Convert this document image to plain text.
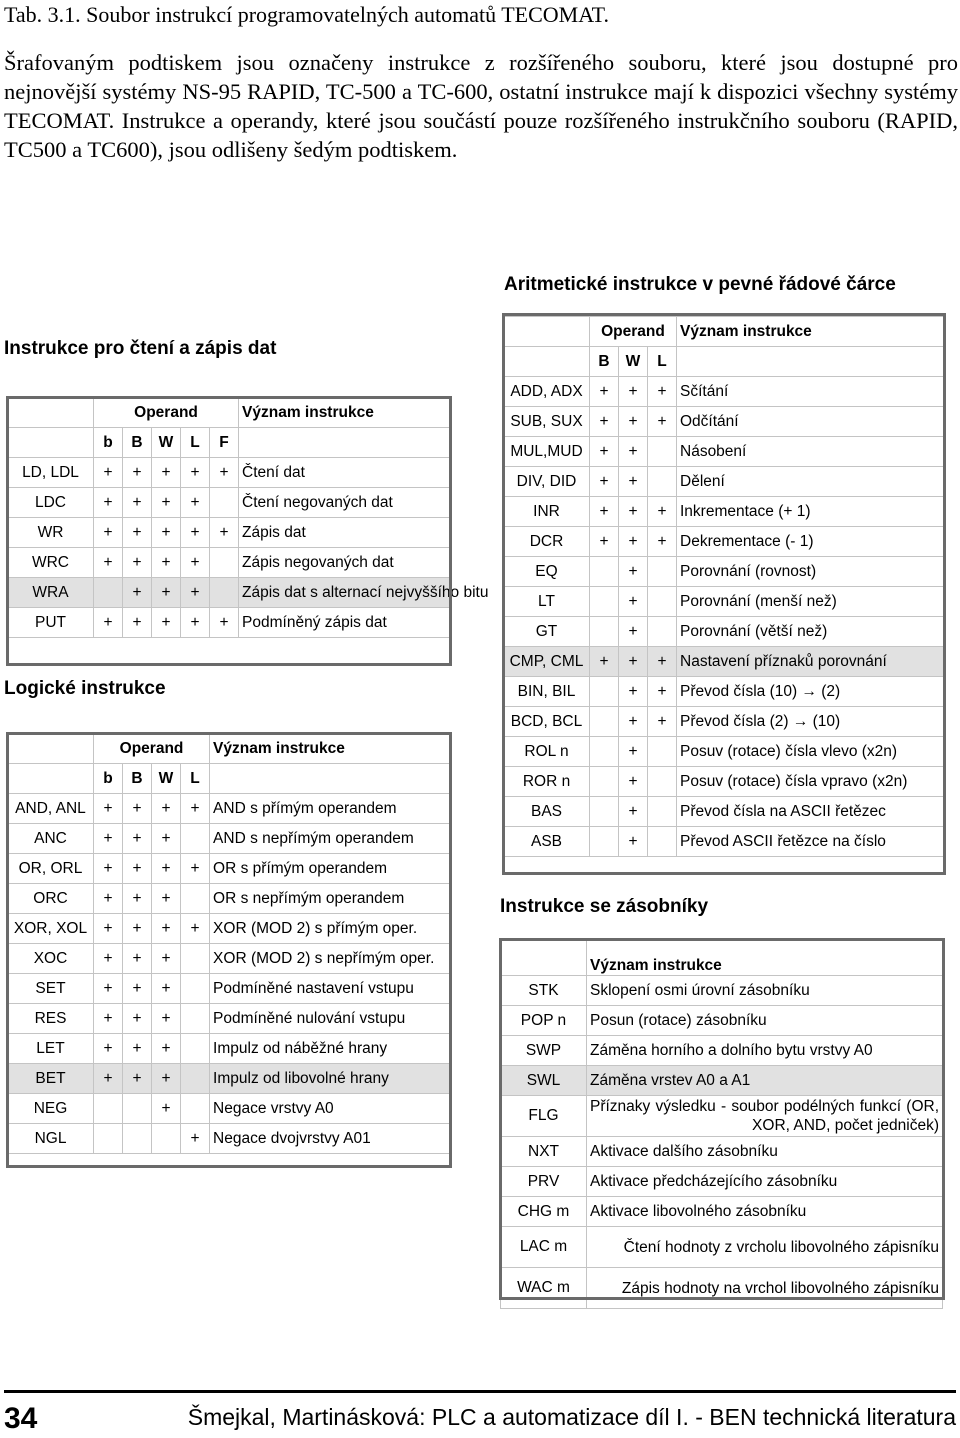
Tab. 3.1. Soubor instrukcí programovatelných automatů TECOMAT.
Šrafovaným podtiskem jsou označeny instrukce z rozšířeného souboru, které jsou dostupné pro nejnovější systémy NS-95 RAPID, TC-500 a TC-600, ostatní instrukce mají k dispozici všechny systémy TECOMAT. Instrukce a operandy, které jsou součástí pouze rozšířeného instrukčního souboru (RAPID, TC500 a TC600), jsou odlišeny šedým podtiskem.
Instrukce pro čtení a zápis dat
Logické instrukce
Aritmetické instrukce v pevné řádové čárce
Instrukce se zásobníky
	Operand					Význam instrukce
	b	B	W	L	F	
LD, LDL	+	+	+	+	+	Čtení dat
LDC	+	+	+	+		Čtení negovaných dat
WR	+	+	+	+	+	Zápis dat
WRC	+	+	+	+		Zápis negovaných dat
WRA		+	+	+		Zápis dat s alternací nejvyššího bitu
PUT	+	+	+	+	+	Podmíněný zápis dat
	Operand				Význam instrukce
	b	B	W	L	
AND, ANL	+	+	+	+	AND s přímým operandem
ANC	+	+	+		AND s nepřímým operandem
OR, ORL	+	+	+	+	OR s přímým operandem
ORC	+	+	+		OR s nepřímým operandem
XOR, XOL	+	+	+	+	XOR (MOD 2) s přímým oper.
XOC	+	+	+		XOR (MOD 2) s nepřímým oper.
SET	+	+	+		Podmíněné nastavení vstupu
RES	+	+	+		Podmíněné nulování vstupu
LET	+	+	+		Impulz od náběžné hrany
BET	+	+	+		Impulz od libovolné hrany
NEG			+		Negace vrstvy A0
NGL				+	Negace dvojvrstvy A01
	Operand			Význam instrukce
	B	W	L	
ADD, ADX	+	+	+	Sčítání
SUB, SUX	+	+	+	Odčítání
MUL,MUD	+	+		Násobení
DIV, DID	+	+		Dělení
INR	+	+	+	Inkrementace (+ 1)
DCR	+	+	+	Dekrementace (- 1)
EQ		+		Porovnání (rovnost)
LT		+		Porovnání (menší než)
GT		+		Porovnání (větší než)
CMP, CML	+	+	+	Nastavení příznaků porovnání
BIN, BIL		+	+	Převod čísla (10) → (2)
BCD, BCL		+	+	Převod čísla (2) → (10)
ROL n		+		Posuv (rotace) čísla vlevo (x2n)
ROR n		+		Posuv (rotace) čísla vpravo (x2n)
BAS		+		Převod čísla na ASCII řetězec
ASB		+		Převod ASCII řetězce na číslo
	Význam instrukce
STK	Sklopení osmi úrovní zásobníku
POP n	Posun (rotace) zásobníku
SWP	Záměna horního a dolního bytu vrstvy A0
SWL	Záměna vrstev A0 a A1
FLG	Příznaky výsledku - soubor podélných funkcí (OR, XOR, AND, počet jedniček)
NXT	Aktivace dalšího zásobníku
PRV	Aktivace předcházejícího zásobníku
CHG m	Aktivace libovolného zásobníku
LAC m	Čtení hodnoty z vrcholu libovolného zápisníku
WAC m	Zápis hodnoty na vrchol libovolného zápisníku
34	Šmejkal, Martinásková: PLC a automatizace díl I. - BEN technická literatura
